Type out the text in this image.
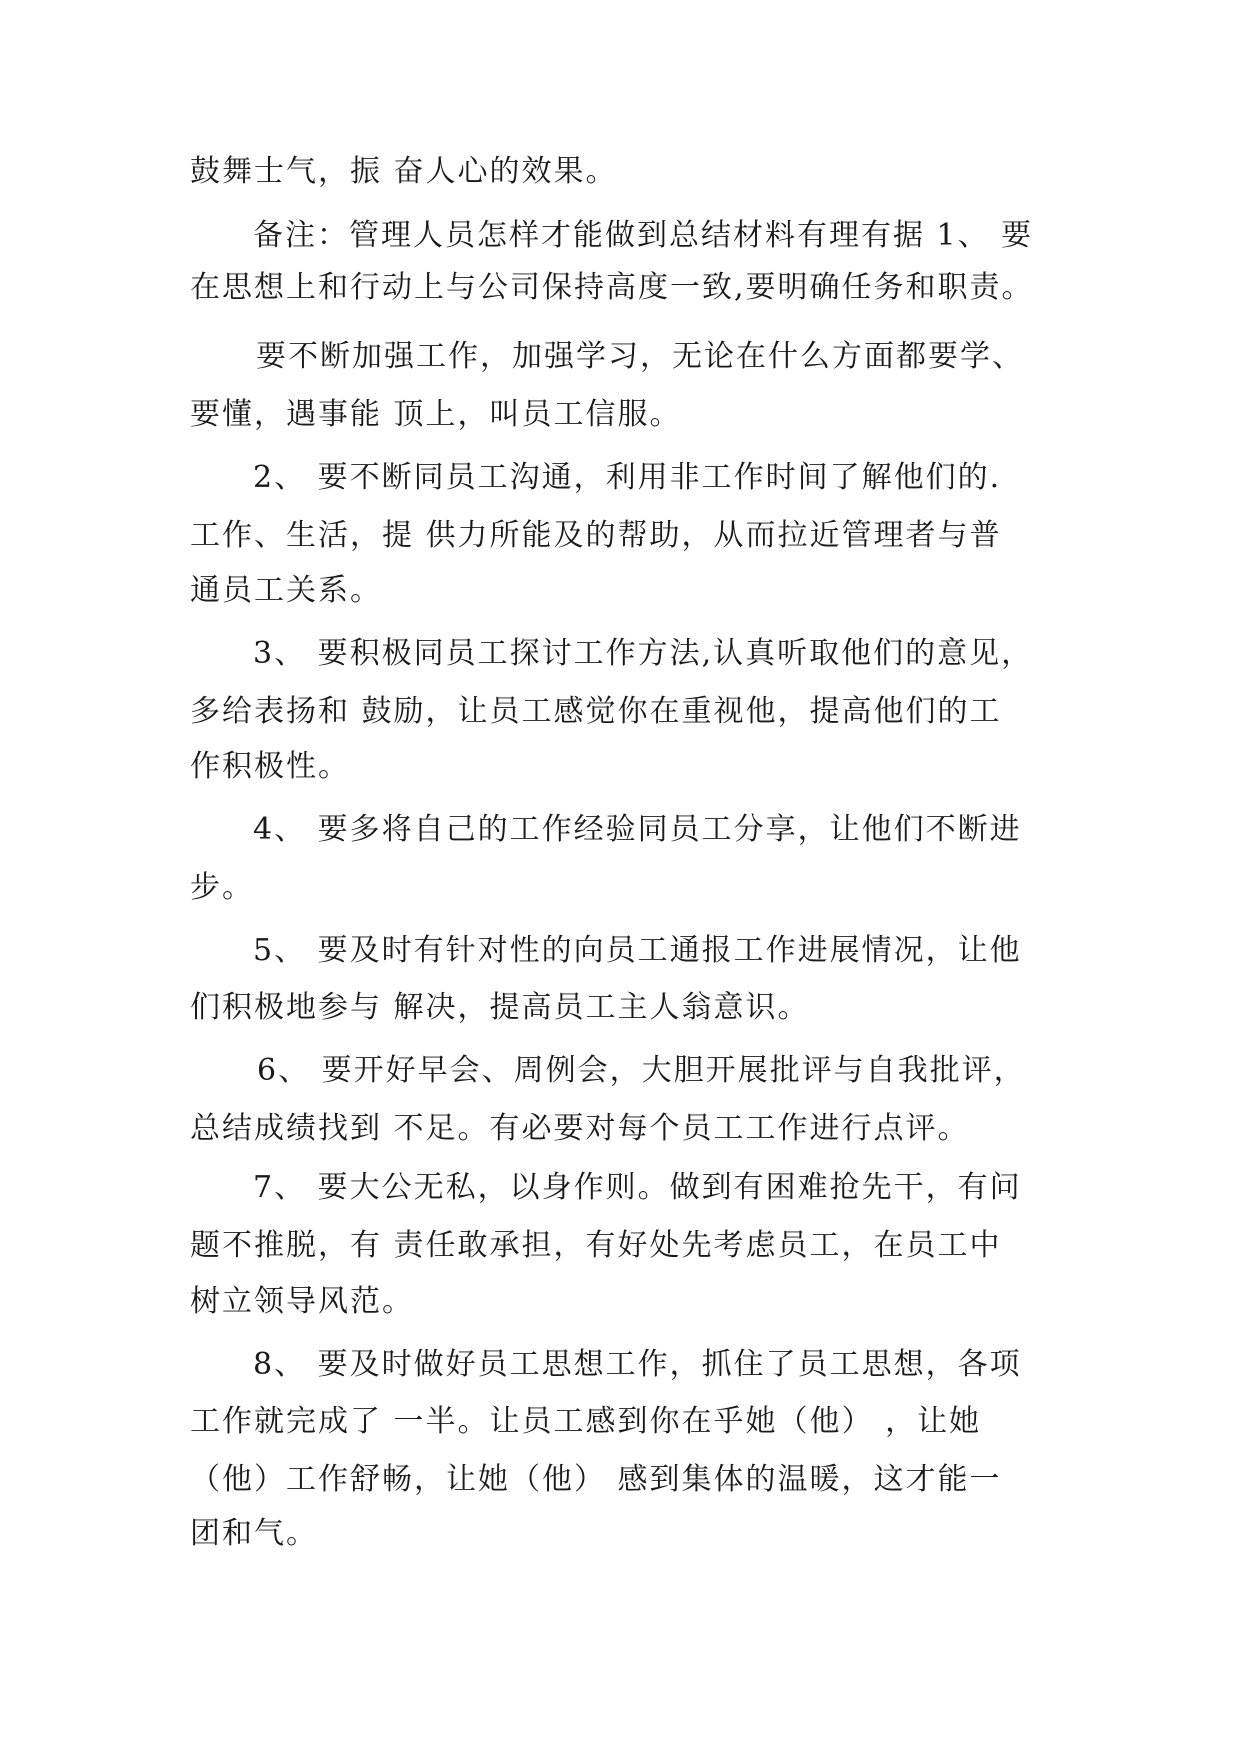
鼓舞士气，振 奋人心的效果。

备注：管理人员怎样才能做到总结材料有理有据 1、 要

在思想上和行动上与公司保持高度一致,要明确任务和职责。

要不断加强工作，加强学习，无论在什么方面都要学、

要懂，遇事能 顶上，叫员工信服。

2、 要不断同员工沟通，利用非工作时间了解他们的.

工作、生活，提 供力所能及的帮助，从而拉近管理者与普

通员工关系。

3、 要积极同员工探讨工作方法,认真听取他们的意见，

多给表扬和 鼓励，让员工感觉你在重视他，提高他们的工

作积极性。

4、 要多将自己的工作经验同员工分享，让他们不断进

步。

5、 要及时有针对性的向员工通报工作进展情况，让他

们积极地参与 解决，提高员工主人翁意识。

6、 要开好早会、周例会，大胆开展批评与自我批评，

总结成绩找到 不足。有必要对每个员工工作进行点评。

7、 要大公无私，以身作则。做到有困难抢先干，有问

题不推脱，有 责任敢承担，有好处先考虑员工，在员工中

树立领导风范。

8、 要及时做好员工思想工作，抓住了员工思想，各项

工作就完成了 一半。让员工感到你在乎她（他） ，让她

（他）工作舒畅，让她（他） 感到集体的温暖，这才能一

团和气。
